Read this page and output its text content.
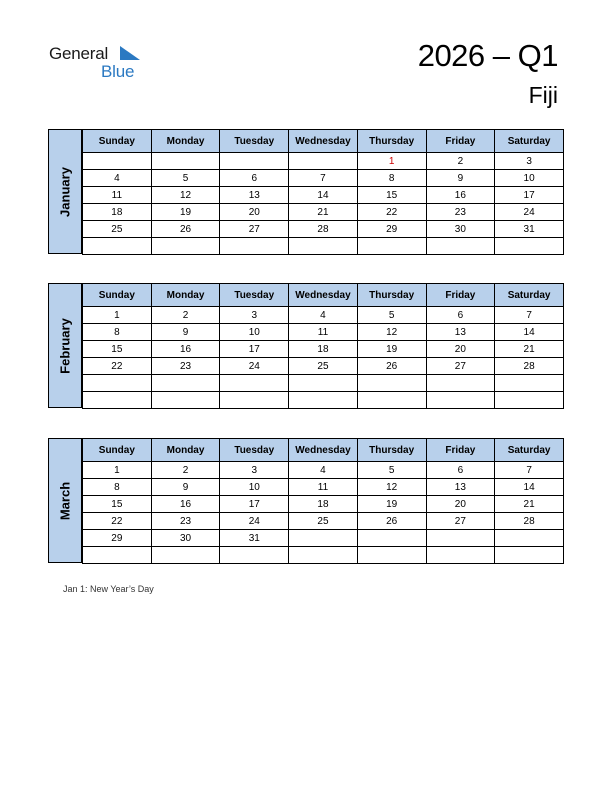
General
Blue	2026 – Q1
Fiji
January
Sunday	Monday	Tuesday	Wednesday	Thursday	Friday	Saturday
				1	2	3
4	5	6	7	8	9	10
11	12	13	14	15	16	17
18	19	20	21	22	23	24
25	26	27	28	29	30	31

February
Sunday	Monday	Tuesday	Wednesday	Thursday	Friday	Saturday
1	2	3	4	5	6	7
8	9	10	11	12	13	14
15	16	17	18	19	20	21
22	23	24	25	26	27	28

March
Sunday	Monday	Tuesday	Wednesday	Thursday	Friday	Saturday
1	2	3	4	5	6	7
8	9	10	11	12	13	14
15	16	17	18	19	20	21
22	23	24	25	26	27	28
29	30	31				

Jan 1: New Year’s Day
